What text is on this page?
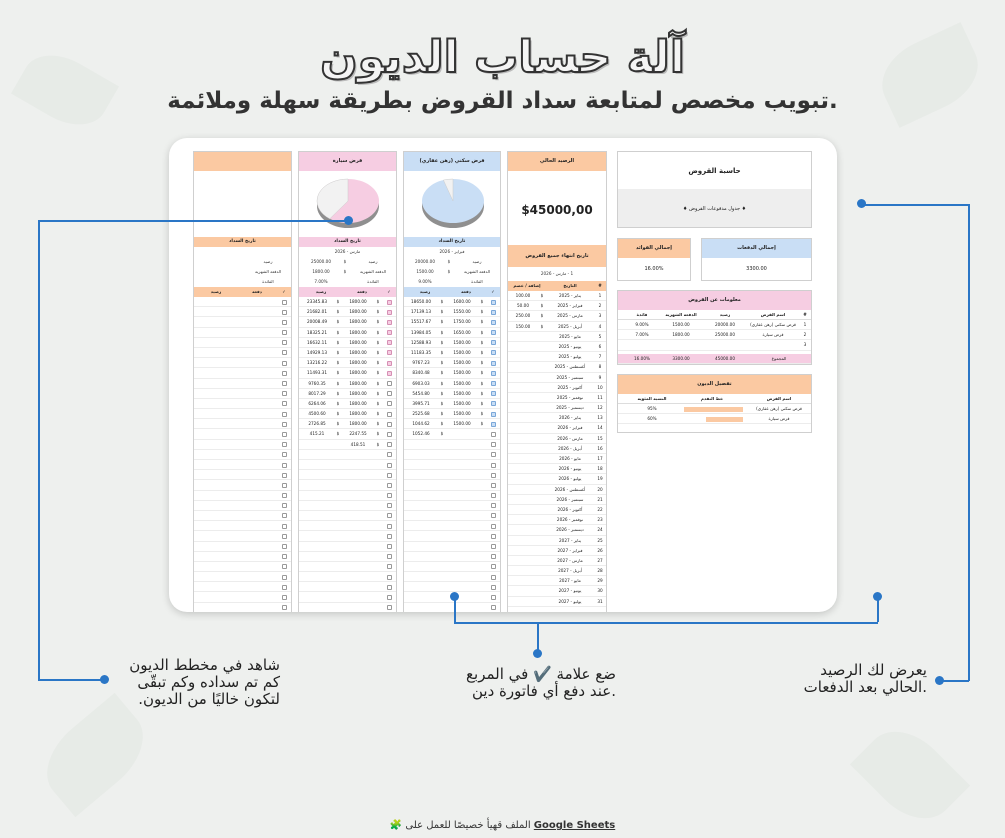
آلة حساب الديون
تبويب مخصص لمتابعة سداد القروض بطريقة سهلة وملائمة.
حاسبة القروض
♦ جدول مدفوعات القروض ♦
إجمالي الدفعات
3300.00
إجمالي الفوائد
16.00%
معلومات عن القروض
#اسم القرضرصيدالدفعة الشهريةفائدة
1قرض سكني (رهن عقاري)20000.001500.009.00%
2قرض سيارة25000.001800.007.00%
3
المجموع45000.003300.0016.00%
تفصيل الديون
اسم القرضخط التقدمالنسبة المئوية
قرض سكني (رهن عقاري)
95%
قرض سيارة
60%
الرصيد الحالي
$45000,00
تاريخ انتهاء جميع القروض
1 - مارس - 2026
#التاريخإضافة / خصم
1يناير - 2025$100.00
2فبراير - 2025$50.00
3مارس - 2025$250.00
4أبريل - 2025$150.00
5مايو - 2025
6يونيو - 2025
7يوليو - 2025
8أغسطس - 2025
9سبتمبر - 2025
10أكتوبر - 2025
11نوفمبر - 2025
12ديسمبر - 2025
13يناير - 2026
14فبراير - 2026
15مارس - 2026
16أبريل - 2026
17مايو - 2026
18يونيو - 2026
19يوليو - 2026
20أغسطس - 2026
21سبتمبر - 2026
22أكتوبر - 2026
23نوفمبر - 2026
24ديسمبر - 2026
25يناير - 2027
26فبراير - 2027
27مارس - 2027
28أبريل - 2027
29مايو - 2027
30يونيو - 2027
31يوليو - 2027
قرض سكني (رهن عقاري)
تاريخ السداد
فبراير - 2026
رصيد$20000.00
الدفعة الشهرية$1500.00
الفائدة9.00%
✓دفعةرصيد
$1600.00$18650.00
$1550.00$17139.13
$1750.00$15517.67
$1650.00$13984.05
$1500.00$12588.93
$1500.00$11183.35
$1500.00$9767.23
$1500.00$8340.48
$1500.00$6903.03
$1500.00$5454.80
$1500.00$3995.71
$1500.00$2525.68
$1500.00$1044.62
$1052.46
قرض سيارة
تاريخ السداد
مارس - 2026
رصيد$25000.00
الدفعة الشهرية$1800.00
الفائدة7.00%
✓دفعةرصيد
$1800.00$23345.83
$1800.00$21682.01
$1800.00$20008.49
$1800.00$18325.21
$1800.00$16632.11
$1800.00$14929.13
$1800.00$13216.22
$1800.00$11493.31
$1800.00$9760.35
$1800.00$8017.29
$1800.00$6264.06
$1800.00$4500.60
$1800.00$2726.85
$2247.55$415.21
$418.51
تاريخ السداد
رصيد
الدفعة الشهرية
الفائدة
✓دفعةرصيد
شاهد في مخطط الديون
كم تم سداده وكم تبقّى
.لتكون خاليًا من الديون
ضع علامة ✔️ في المربع
عند دفع أي فاتورة دين.
يعرض لك الرصيد
الحالي بعد الدفعات.
🧩 الملف قهيأ خصيصًا للعمل على Google Sheets
